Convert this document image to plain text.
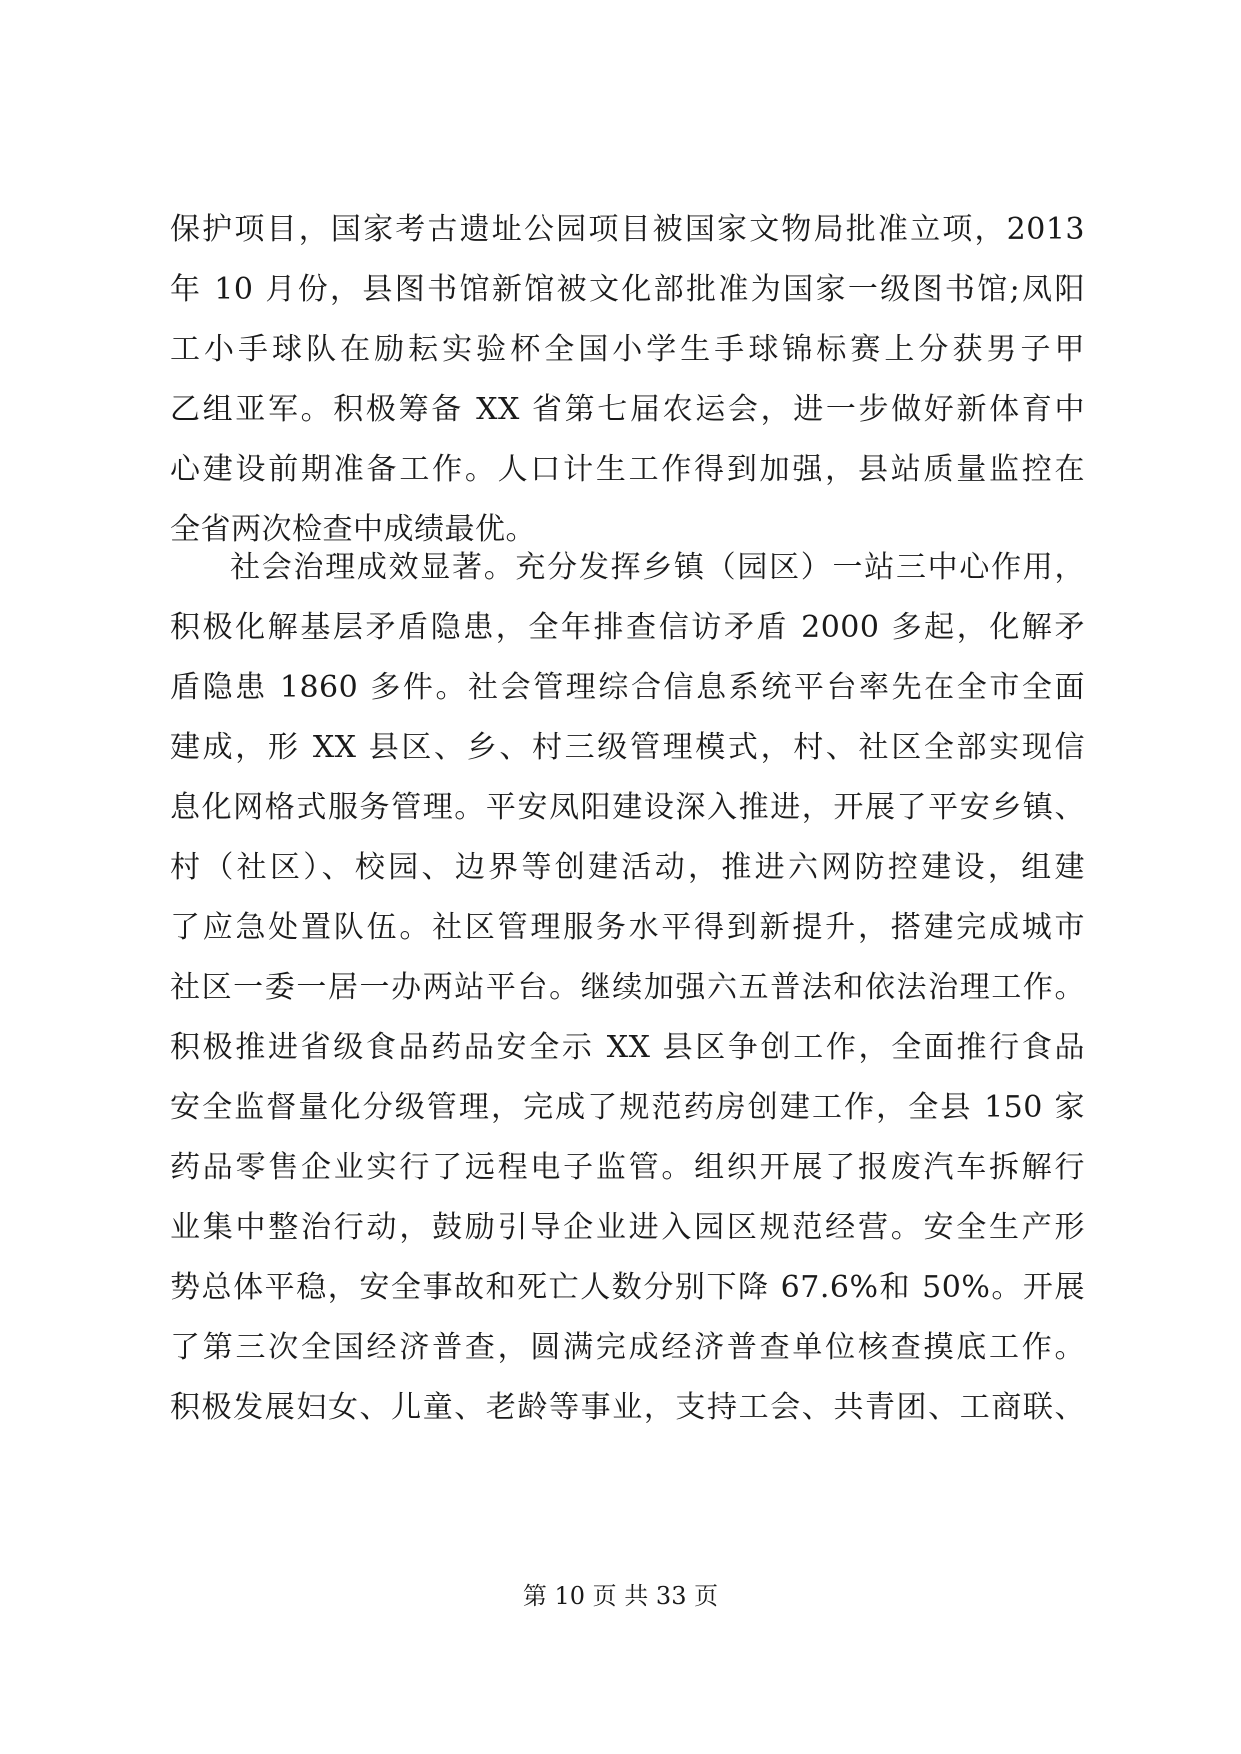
保护项目，国家考古遗址公园项目被国家文物局批准立项，2013
年 10 月份，县图书馆新馆被文化部批准为国家一级图书馆;凤阳
工小手球队在励耘实验杯全国小学生手球锦标赛上分获男子甲
乙组亚军。积极筹备 XX 省第七届农运会，进一步做好新体育中
心建设前期准备工作。人口计生工作得到加强，县站质量监控在
全省两次检查中成绩最优。
社会治理成效显著。充分发挥乡镇（园区）一站三中心作用，
积极化解基层矛盾隐患，全年排查信访矛盾 2000 多起，化解矛
盾隐患 1860 多件。社会管理综合信息系统平台率先在全市全面
建成，形 XX 县区、乡、村三级管理模式，村、社区全部实现信
息化网格式服务管理。平安凤阳建设深入推进，开展了平安乡镇、
村（社区）、校园、边界等创建活动，推进六网防控建设，组建
了应急处置队伍。社区管理服务水平得到新提升，搭建完成城市
社区一委一居一办两站平台。继续加强六五普法和依法治理工作。
积极推进省级食品药品安全示 XX 县区争创工作，全面推行食品
安全监督量化分级管理，完成了规范药房创建工作，全县 150 家
药品零售企业实行了远程电子监管。组织开展了报废汽车拆解行
业集中整治行动，鼓励引导企业进入园区规范经营。安全生产形
势总体平稳，安全事故和死亡人数分别下降 67.6%和 50%。开展
了第三次全国经济普查，圆满完成经济普查单位核查摸底工作。
积极发展妇女、儿童、老龄等事业，支持工会、共青团、工商联、
第 10 页 共 33 页
